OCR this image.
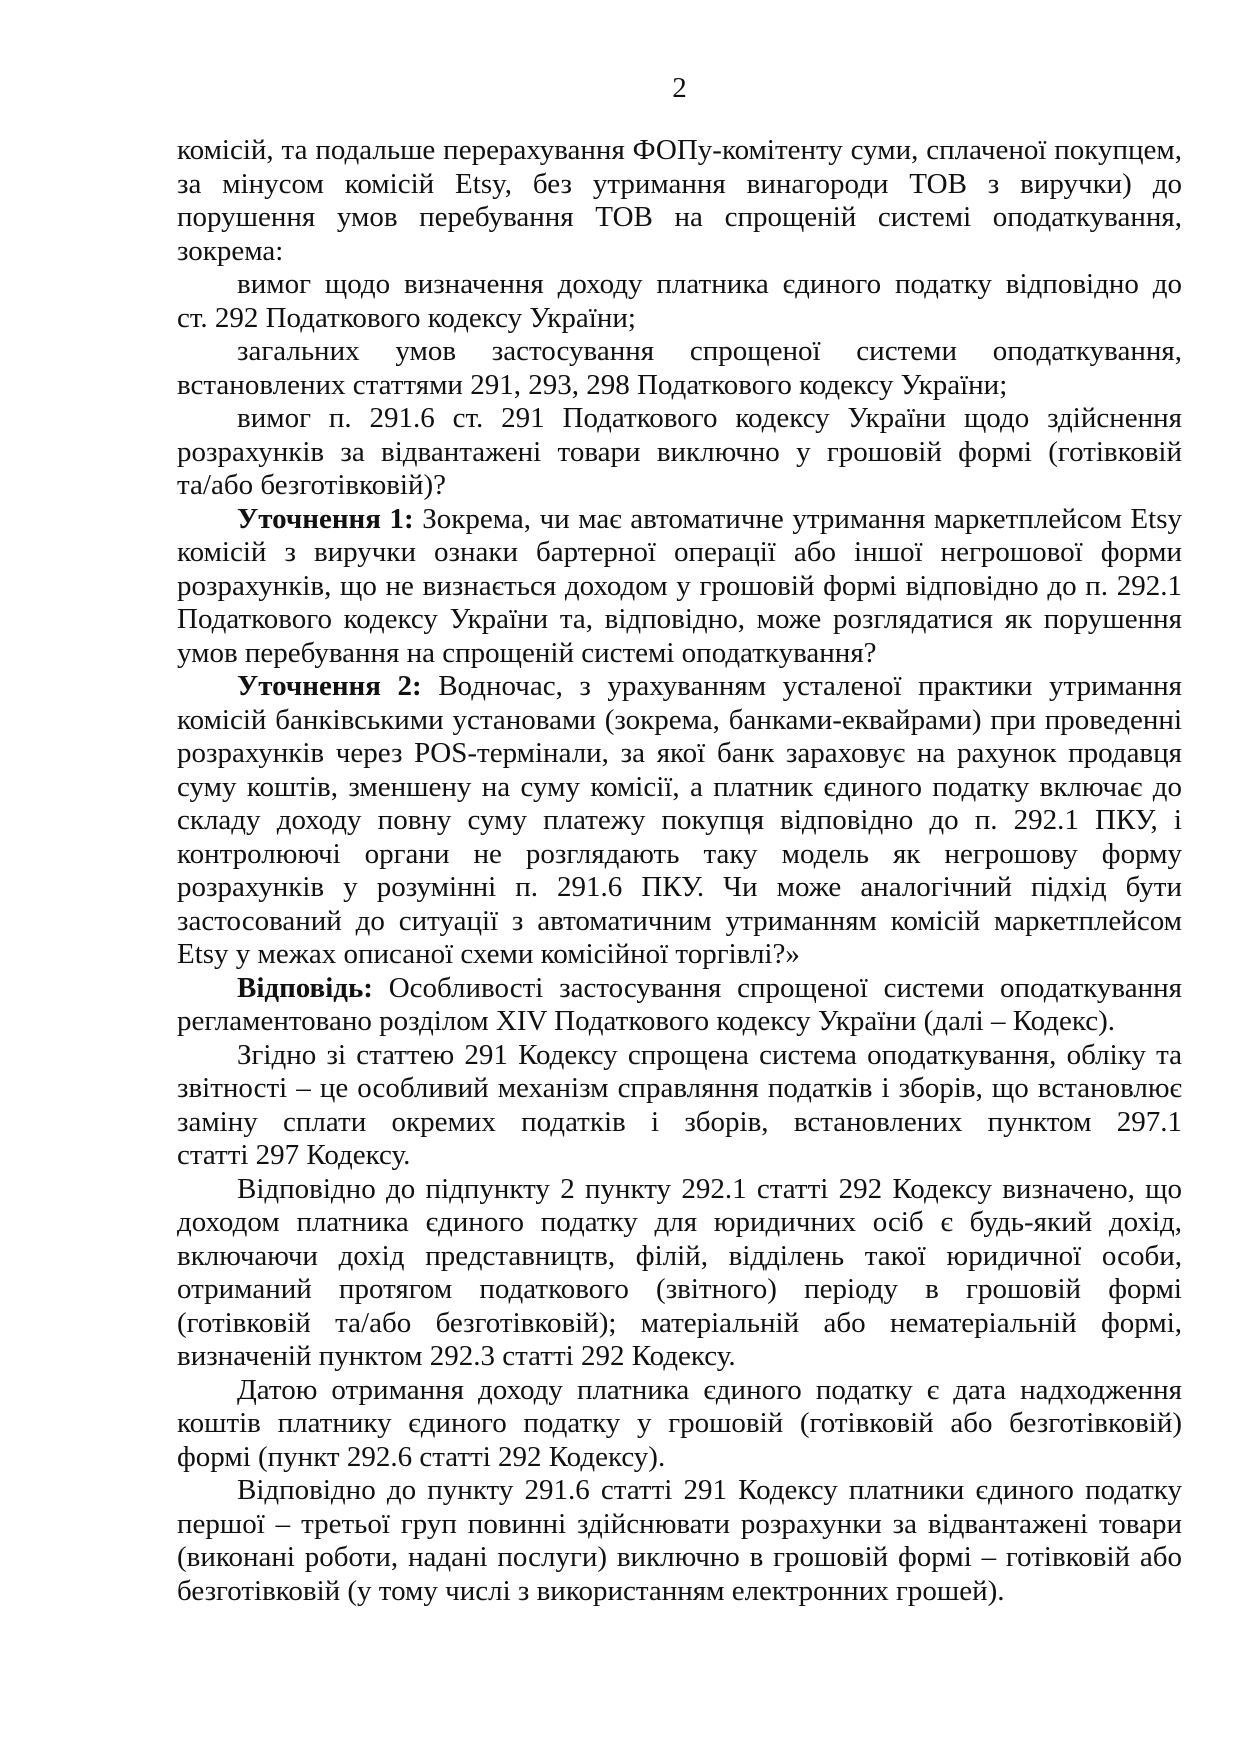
2
комісій, та подальше перерахування ФОПу-комітенту суми, сплаченої покупцем,
за мінусом комісій Etsy, без утримання винагороди ТОВ з виручки) до
порушення умов перебування ТОВ на спрощеній системі оподаткування,
зокрема:
вимог щодо визначення доходу платника єдиного податку відповідно до
ст. 292 Податкового кодексу України;
загальних умов застосування спрощеної системи оподаткування,
встановлених статтями 291, 293, 298 Податкового кодексу України;
вимог п. 291.6 ст. 291 Податкового кодексу України щодо здійснення
розрахунків за відвантажені товари виключно у грошовій формі (готівковій
та/або безготівковій)?
Уточнення 1: Зокрема, чи має автоматичне утримання маркетплейсом Etsy
комісій з виручки ознаки бартерної операції або іншої негрошової форми
розрахунків, що не визнається доходом у грошовій формі відповідно до п. 292.1
Податкового кодексу України та, відповідно, може розглядатися як порушення
умов перебування на спрощеній системі оподаткування?
Уточнення 2: Водночас, з урахуванням усталеної практики утримання
комісій банківськими установами (зокрема, банками-еквайрами) при проведенні
розрахунків через POS-термінали, за якої банк зараховує на рахунок продавця
суму коштів, зменшену на суму комісії, а платник єдиного податку включає до
складу доходу повну суму платежу покупця відповідно до п. 292.1 ПКУ, і
контролюючі органи не розглядають таку модель як негрошову форму
розрахунків у розумінні п. 291.6 ПКУ. Чи може аналогічний підхід бути
застосований до ситуації з автоматичним утриманням комісій маркетплейсом
Etsy у межах описаної схеми комісійної торгівлі?»
Відповідь: Особливості застосування спрощеної системи оподаткування
регламентовано розділом XIV Податкового кодексу України (далі – Кодекс).
Згідно зі статтею 291 Кодексу спрощена система оподаткування, обліку та
звітності – це особливий механізм справляння податків і зборів, що встановлює
заміну сплати окремих податків і зборів, встановлених пунктом 297.1
статті 297 Кодексу.
Відповідно до підпункту 2 пункту 292.1 статті 292 Кодексу визначено, що
доходом платника єдиного податку для юридичних осіб є будь-який дохід,
включаючи дохід представництв, філій, відділень такої юридичної особи,
отриманий протягом податкового (звітного) періоду в грошовій формі
(готівковій та/або безготівковій); матеріальній або нематеріальній формі,
визначеній пунктом 292.3 статті 292 Кодексу.
Датою отримання доходу платника єдиного податку є дата надходження
коштів платнику єдиного податку у грошовій (готівковій або безготівковій)
формі (пункт 292.6 статті 292 Кодексу).
Відповідно до пункту 291.6 статті 291 Кодексу платники єдиного податку
першої – третьої груп повинні здійснювати розрахунки за відвантажені товари
(виконані роботи, надані послуги) виключно в грошовій формі – готівковій або
безготівковій (у тому числі з використанням електронних грошей).
